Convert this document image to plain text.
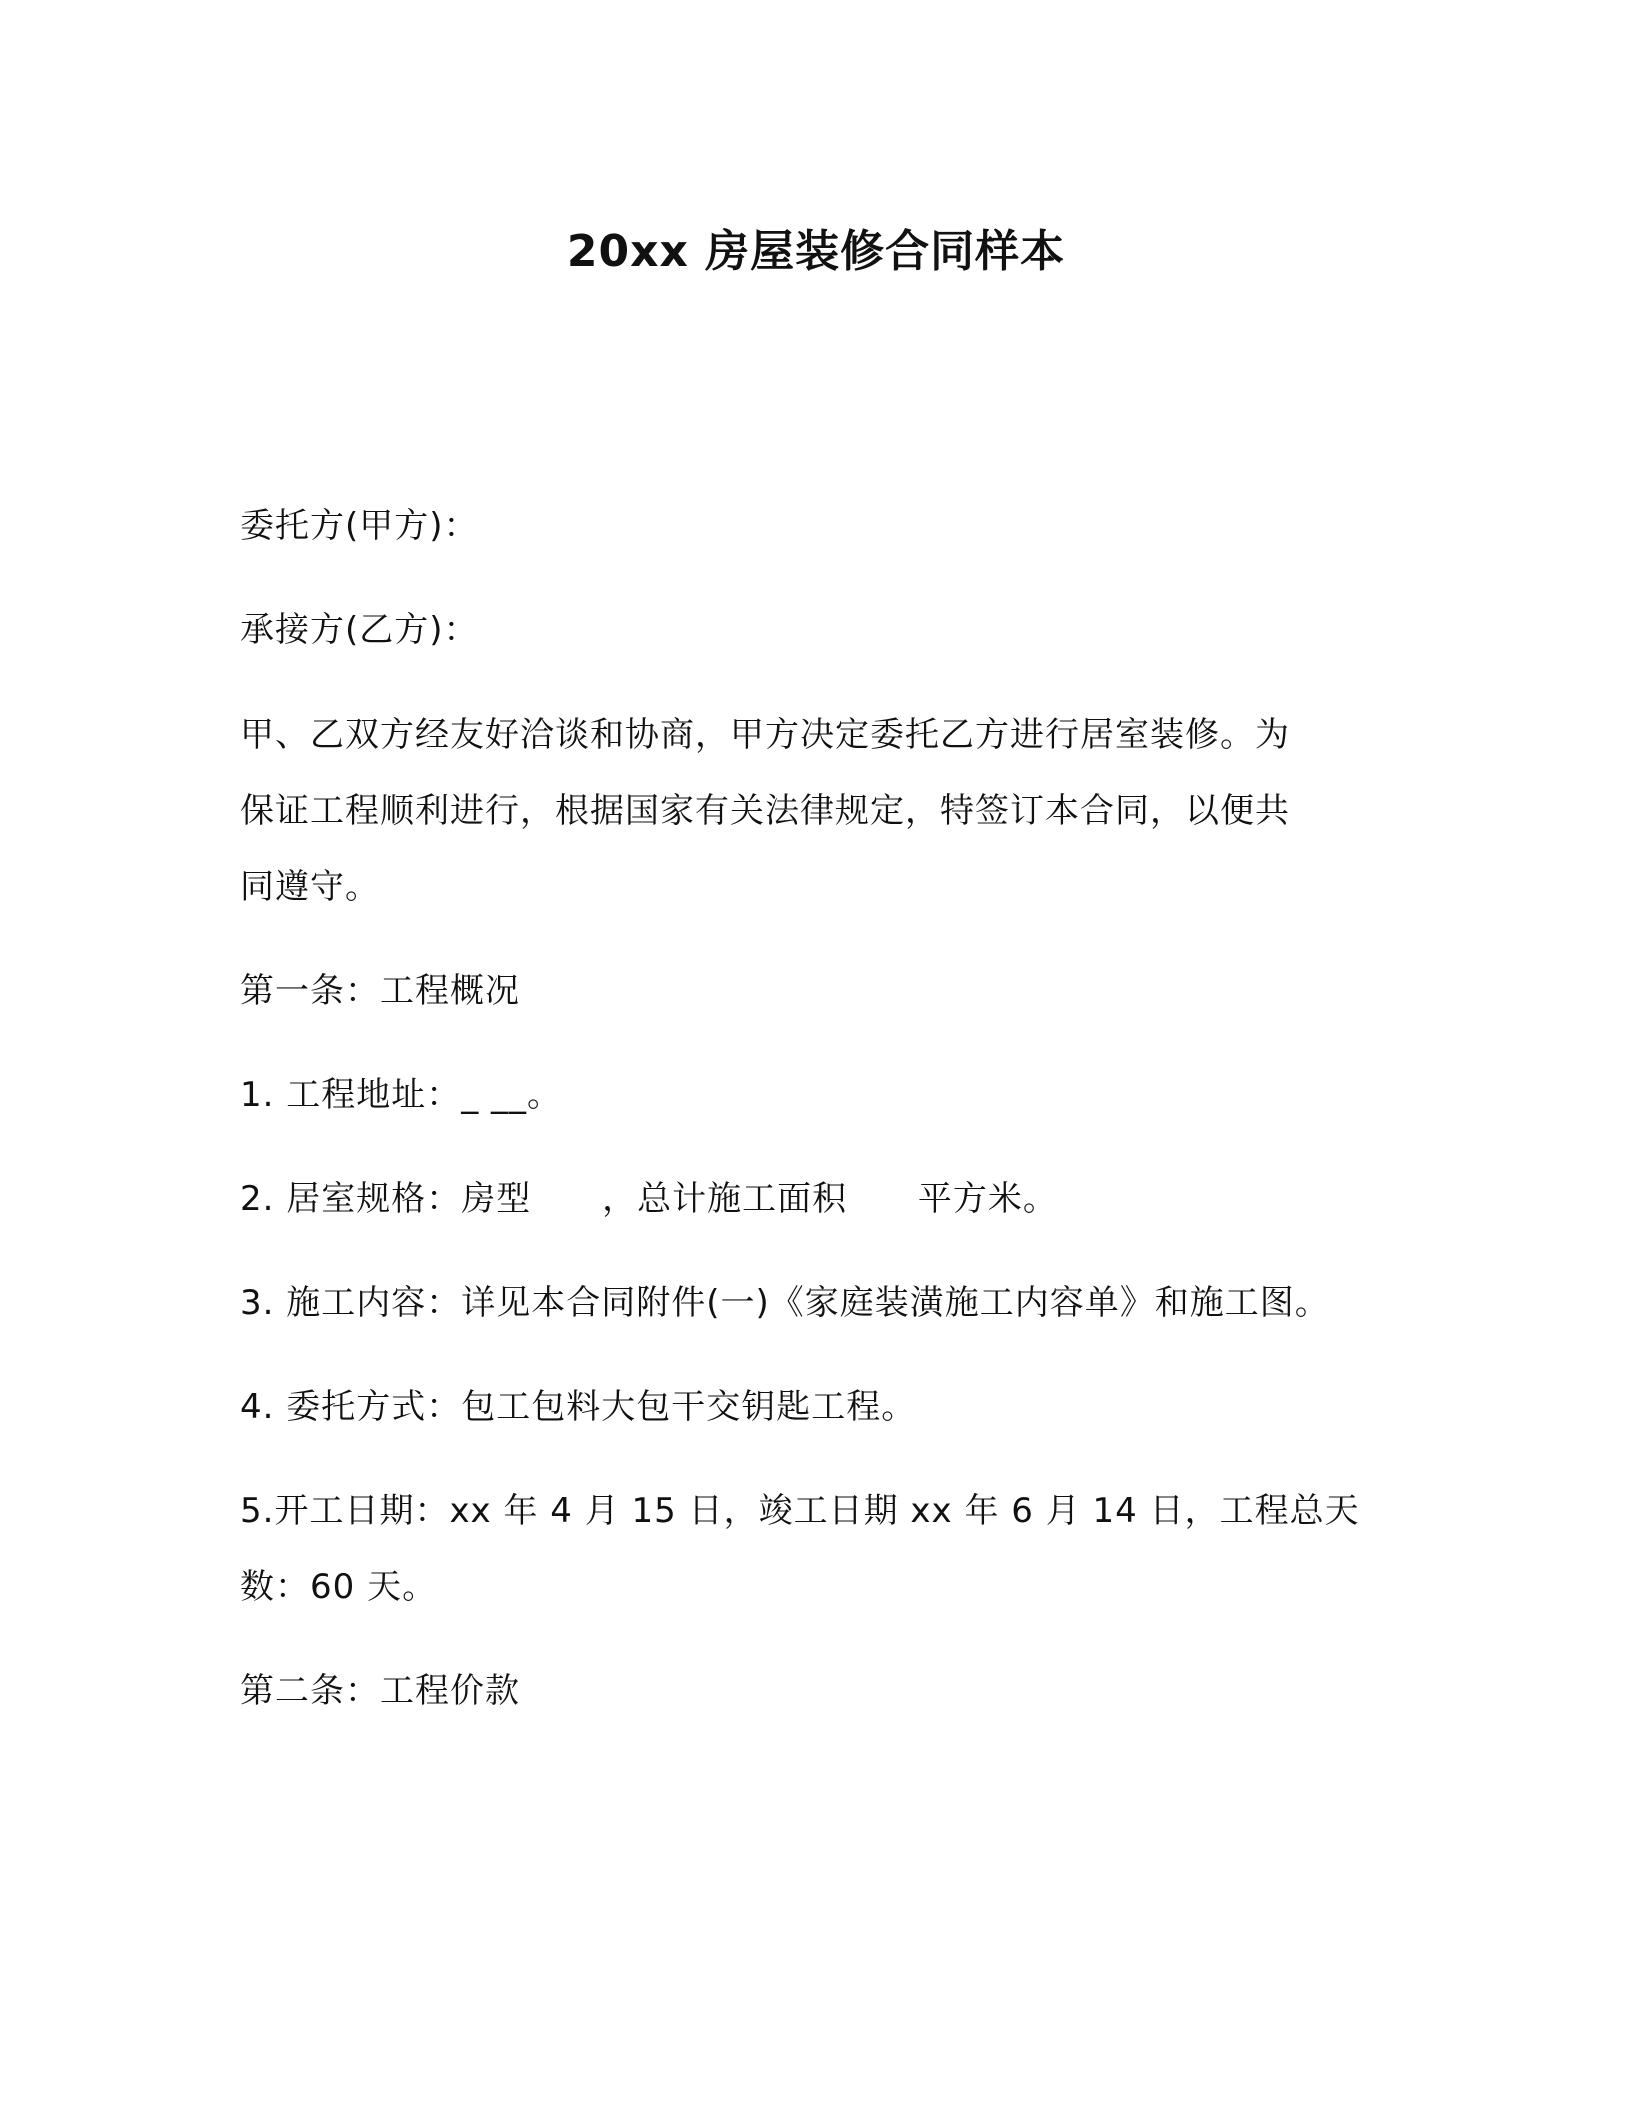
20xx 房屋装修合同样本
委托方(甲方)：
承接方(乙方)：
甲、乙双方经友好洽谈和协商，甲方决定委托乙方进行居室装修。为
保证工程顺利进行，根据国家有关法律规定，特签订本合同，以便共
同遵守。
第一条：工程概况
1. 工程地址：_ __。
2. 居室规格：房型      ，总计施工面积      平方米。
3. 施工内容：详见本合同附件(一)《家庭装潢施工内容单》和施工图。
4. 委托方式：包工包料大包干交钥匙工程。
5.开工日期：xx 年 4 月 15 日，竣工日期 xx 年 6 月 14 日，工程总天
数：60 天。
第二条：工程价款
